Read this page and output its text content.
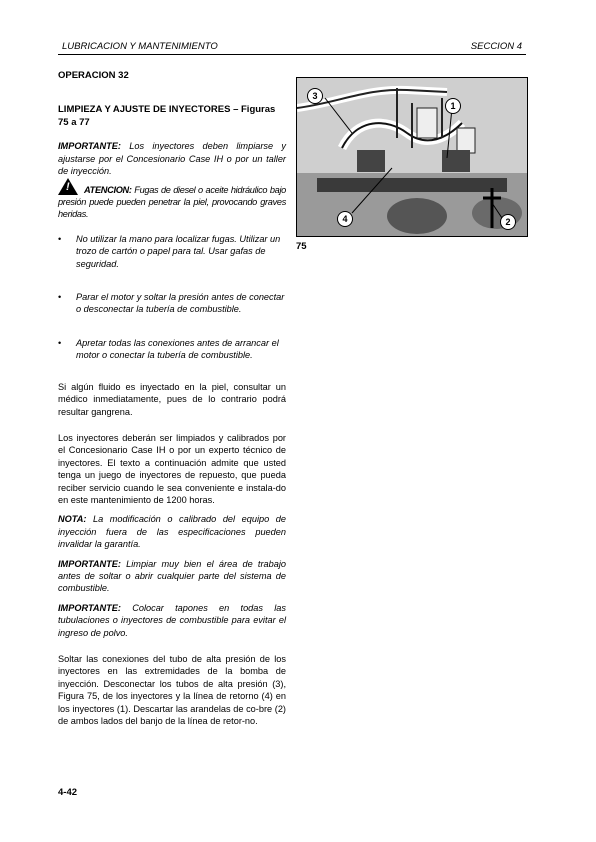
LUBRICACION Y MANTENIMIENTO	SECCION 4

OPERACION 32

LIMPIEZA Y AJUSTE DE INYECTORES – Figuras 75 a 77

IMPORTANTE: Los inyectores deben limpiarse y ajustarse por el Concesionario Case IH o por un taller de inyección.

! ATENCION: Fugas de diesel o aceite hidráulico bajo presión puede pueden penetrar la piel, provocando graves heridas.

• No utilizar la mano para localizar fugas. Utilizar un trozo de cartón o papel para tal. Usar gafas de seguridad.
• Parar el motor y soltar la presión antes de conectar o desconectar la tubería de combustible.
• Apretar todas las conexiones antes de arrancar el motor o conectar la tubería de combustible.

Si algún fluido es inyectado en la piel, consultar un médico inmediatamente, pues de lo contrario podrá resultar gangrena.

Los inyectores deberán ser limpiados y calibrados por el Concesionario Case IH o por un experto técnico de inyectores. El texto a continuación admite que usted tenga un juego de inyectores de repuesto, que pueda reciber servicio cuando le sea conveniente e instala-do en este mantenimiento de 1200 horas.

NOTA: La modificación o calibrado del equipo de inyección fuera de las especificaciones pueden invalidar la garantía.

IMPORTANTE: Limpiar muy bien el área de trabajo antes de soltar o abrir cualquier parte del sistema de combustible.

IMPORTANTE: Colocar tapones en todas las tubulaciones o inyectores de combustible para evitar el ingreso de polvo.

Soltar las conexiones del tubo de alta presión de los inyectores en las extremidades de la bomba de inyección. Desconectar los tubos de alta presión (3), Figura 75, de los inyectores y la línea de retorno (4) en los inyectores (1). Descartar las arandelas de co-bre (2) de ambos lados del banjo de la línea de retor-no.

3
1
4	2
75
4-42
